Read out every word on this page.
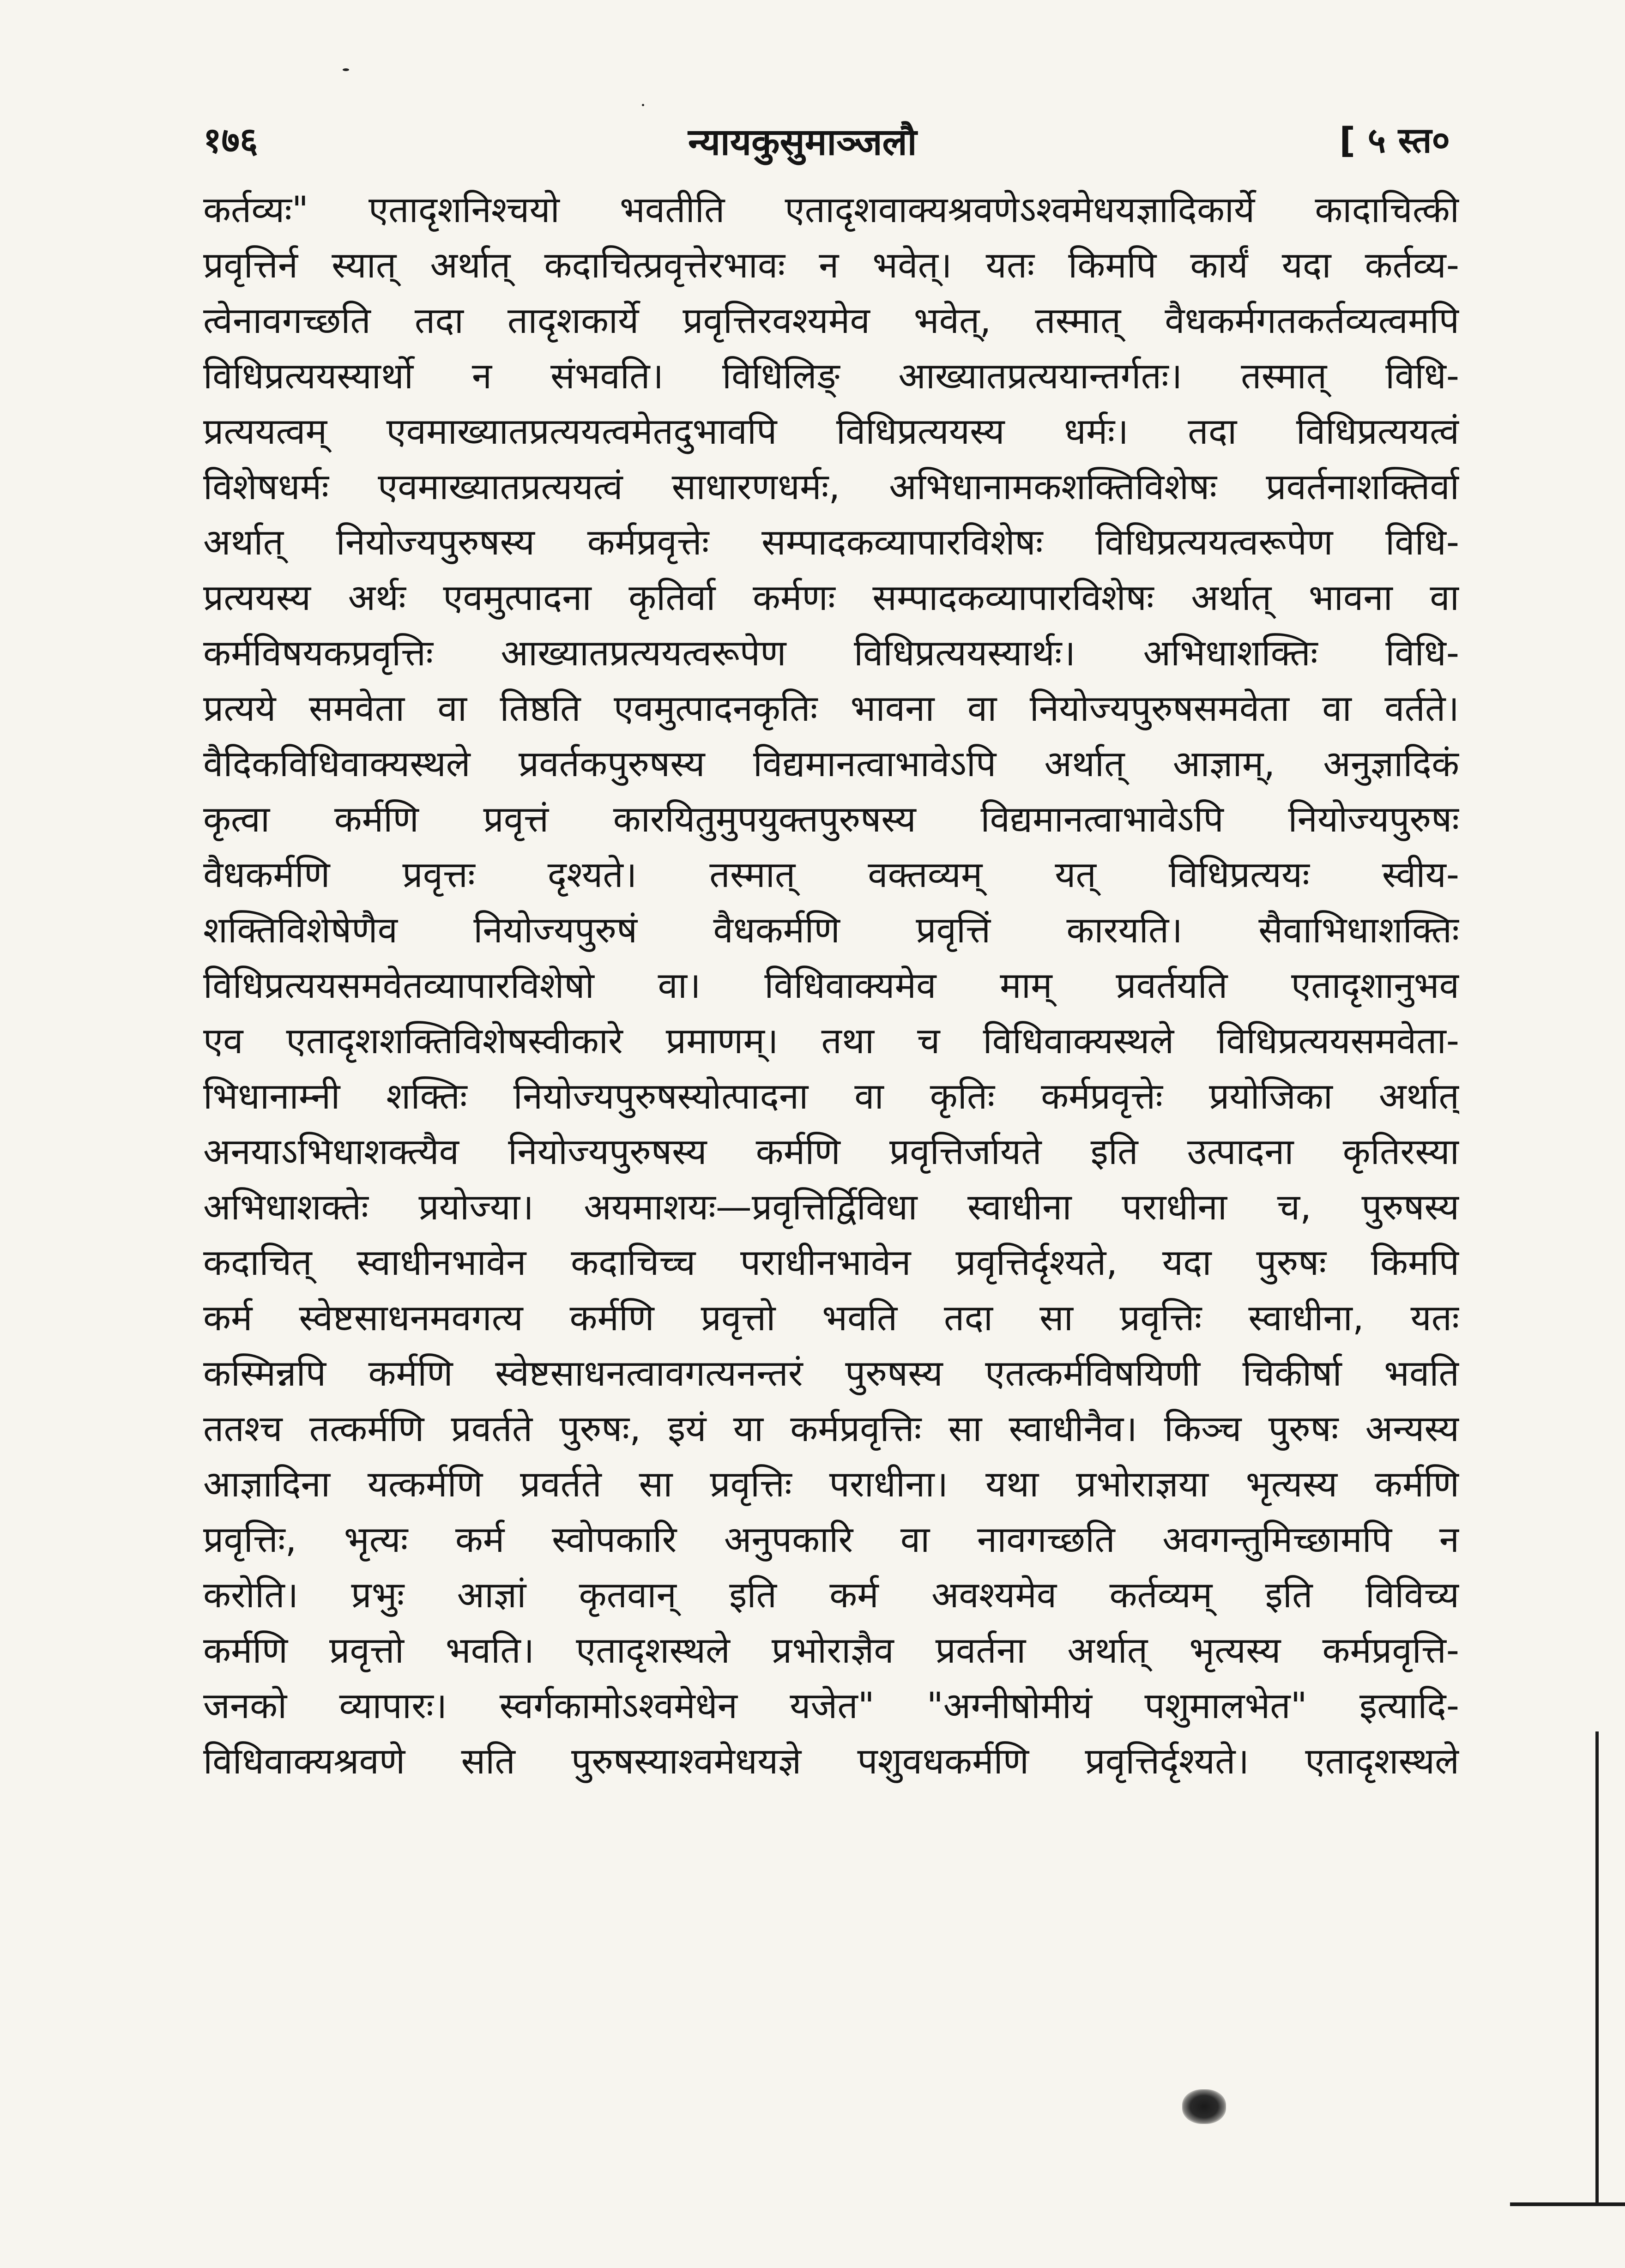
१७६	न्यायकुसुमाञ्जलौ	[ ५ स्त०
कर्तव्यः" एतादृशनिश्चयो भवतीति एतादृशवाक्यश्रवणेऽश्वमेधयज्ञादिकार्ये कादाचित्की
प्रवृत्तिर्न स्यात् अर्थात् कदाचित्प्रवृत्तेरभावः न भवेत्। यतः किमपि कार्यं यदा कर्तव्य-
त्वेनावगच्छति तदा तादृशकार्ये प्रवृत्तिरवश्यमेव भवेत्, तस्मात् वैधकर्मगतकर्तव्यत्वमपि
विधिप्रत्ययस्यार्थो न संभवति। विधिलिङ् आख्यातप्रत्ययान्तर्गतः। तस्मात् विधि-
प्रत्ययत्वम् एवमाख्यातप्रत्ययत्वमेतदुभावपि विधिप्रत्ययस्य धर्मः। तदा विधिप्रत्ययत्वं
विशेषधर्मः एवमाख्यातप्रत्ययत्वं साधारणधर्मः, अभिधानामकशक्तिविशेषः प्रवर्तनाशक्तिर्वा
अर्थात् नियोज्यपुरुषस्य कर्मप्रवृत्तेः सम्पादकव्यापारविशेषः विधिप्रत्ययत्वरूपेण विधि-
प्रत्ययस्य अर्थः एवमुत्पादना कृतिर्वा कर्मणः सम्पादकव्यापारविशेषः अर्थात् भावना वा
कर्मविषयकप्रवृत्तिः आख्यातप्रत्ययत्वरूपेण विधिप्रत्ययस्यार्थः। अभिधाशक्तिः विधि-
प्रत्यये समवेता वा तिष्ठति एवमुत्पादनकृतिः भावना वा नियोज्यपुरुषसमवेता वा वर्तते।
वैदिकविधिवाक्यस्थले प्रवर्तकपुरुषस्य विद्यमानत्वाभावेऽपि अर्थात् आज्ञाम्, अनुज्ञादिकं
कृत्वा कर्मणि प्रवृत्तं कारयितुमुपयुक्तपुरुषस्य विद्यमानत्वाभावेऽपि नियोज्यपुरुषः
वैधकर्मणि प्रवृत्तः दृश्यते। तस्मात् वक्तव्यम् यत् विधिप्रत्ययः स्वीय-
शक्तिविशेषेणैव नियोज्यपुरुषं वैधकर्मणि प्रवृत्तिं कारयति। सैवाभिधाशक्तिः
विधिप्रत्ययसमवेतव्यापारविशेषो वा। विधिवाक्यमेव माम् प्रवर्तयति एतादृशानुभव
एव एतादृशशक्तिविशेषस्वीकारे प्रमाणम्। तथा च विधिवाक्यस्थले विधिप्रत्ययसमवेता-
भिधानाम्नी शक्तिः नियोज्यपुरुषस्योत्पादना वा कृतिः कर्मप्रवृत्तेः प्रयोजिका अर्थात्
अनयाऽभिधाशक्त्यैव नियोज्यपुरुषस्य कर्मणि प्रवृत्तिर्जायते इति उत्पादना कृतिरस्या
अभिधाशक्तेः प्रयोज्या। अयमाशयः—प्रवृत्तिर्द्विविधा स्वाधीना पराधीना च, पुरुषस्य
कदाचित् स्वाधीनभावेन कदाचिच्च पराधीनभावेन प्रवृत्तिर्दृश्यते, यदा पुरुषः किमपि
कर्म स्वेष्टसाधनमवगत्य कर्मणि प्रवृत्तो भवति तदा सा प्रवृत्तिः स्वाधीना, यतः
कस्मिन्नपि कर्मणि स्वेष्टसाधनत्वावगत्यनन्तरं पुरुषस्य एतत्कर्मविषयिणी चिकीर्षा भवति
ततश्च तत्कर्मणि प्रवर्तते पुरुषः, इयं या कर्मप्रवृत्तिः सा स्वाधीनैव। किञ्च पुरुषः अन्यस्य
आज्ञादिना यत्कर्मणि प्रवर्तते सा प्रवृत्तिः पराधीना। यथा प्रभोराज्ञया भृत्यस्य कर्मणि
प्रवृत्तिः, भृत्यः कर्म स्वोपकारि अनुपकारि वा नावगच्छति अवगन्तुमिच्छामपि न
करोति। प्रभुः आज्ञां कृतवान् इति कर्म अवश्यमेव कर्तव्यम् इति विविच्य
कर्मणि प्रवृत्तो भवति। एतादृशस्थले प्रभोराज्ञैव प्रवर्तना अर्थात् भृत्यस्य कर्मप्रवृत्ति-
जनको व्यापारः। स्वर्गकामोऽश्वमेधेन यजेत" "अग्नीषोमीयं पशुमालभेत" इत्यादि-
विधिवाक्यश्रवणे सति पुरुषस्याश्वमेधयज्ञे पशुवधकर्मणि प्रवृत्तिर्दृश्यते। एतादृशस्थले
